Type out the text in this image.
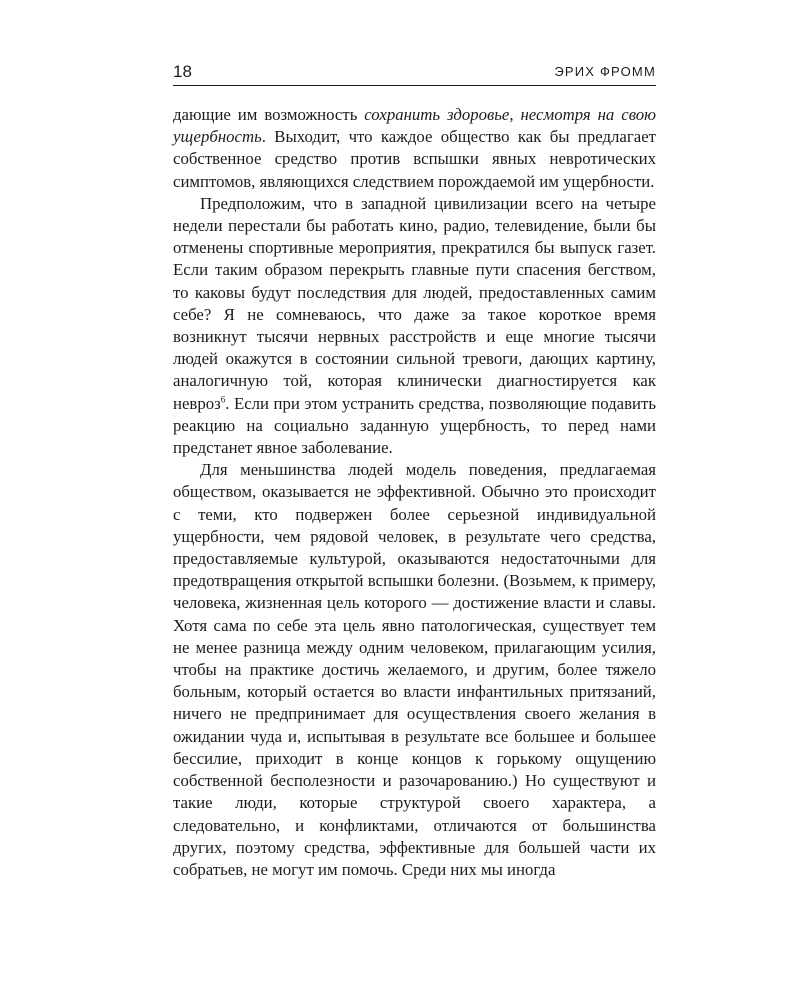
18	ЭРИХ ФРОММ

дающие им возможность сохранить здоровье, несмотря на свою ущербность. Выходит, что каждое общество как бы предлагает собственное средство против вспышки явных невротических симптомов, являющихся следствием порождаемой им ущербности.

Предположим, что в западной цивилизации всего на четыре недели перестали бы работать кино, радио, телевидение, были бы отменены спортивные мероприятия, прекратился бы выпуск газет. Если таким образом перекрыть главные пути спасения бегством, то каковы будут последствия для людей, предоставленных самим себе? Я не сомневаюсь, что даже за такое короткое время возникнут тысячи нервных расстройств и еще многие тысячи людей окажутся в состоянии сильной тревоги, дающих картину, аналогичную той, которая клинически диагностируется как невроз$^6$. Если при этом устранить средства, позволяющие подавить реакцию на социально заданную ущербность, то перед нами предстанет явное заболевание.

Для меньшинства людей модель поведения, предлагаемая обществом, оказывается не эффективной. Обычно это происходит с теми, кто подвержен более серьезной индивидуальной ущербности, чем рядовой человек, в результате чего средства, предоставляемые культурой, оказываются недостаточными для предотвращения открытой вспышки болезни. (Возьмем, к примеру, человека, жизненная цель которого — достижение власти и славы. Хотя сама по себе эта цель явно патологическая, существует тем не менее разница между одним человеком, прилагающим усилия, чтобы на практике достичь желаемого, и другим, более тяжело больным, который остается во власти инфантильных притязаний, ничего не предпринимает для осуществления своего желания в ожидании чуда и, испытывая в результате все большее и большее бессилие, приходит в конце концов к горькому ощущению собственной бесполезности и разочарованию.) Но существуют и такие люди, которые структурой своего характера, а следовательно, и конфликтами, отличаются от большинства других, поэтому средства, эффективные для большей части их собратьев, не могут им помочь. Среди них мы иногда
